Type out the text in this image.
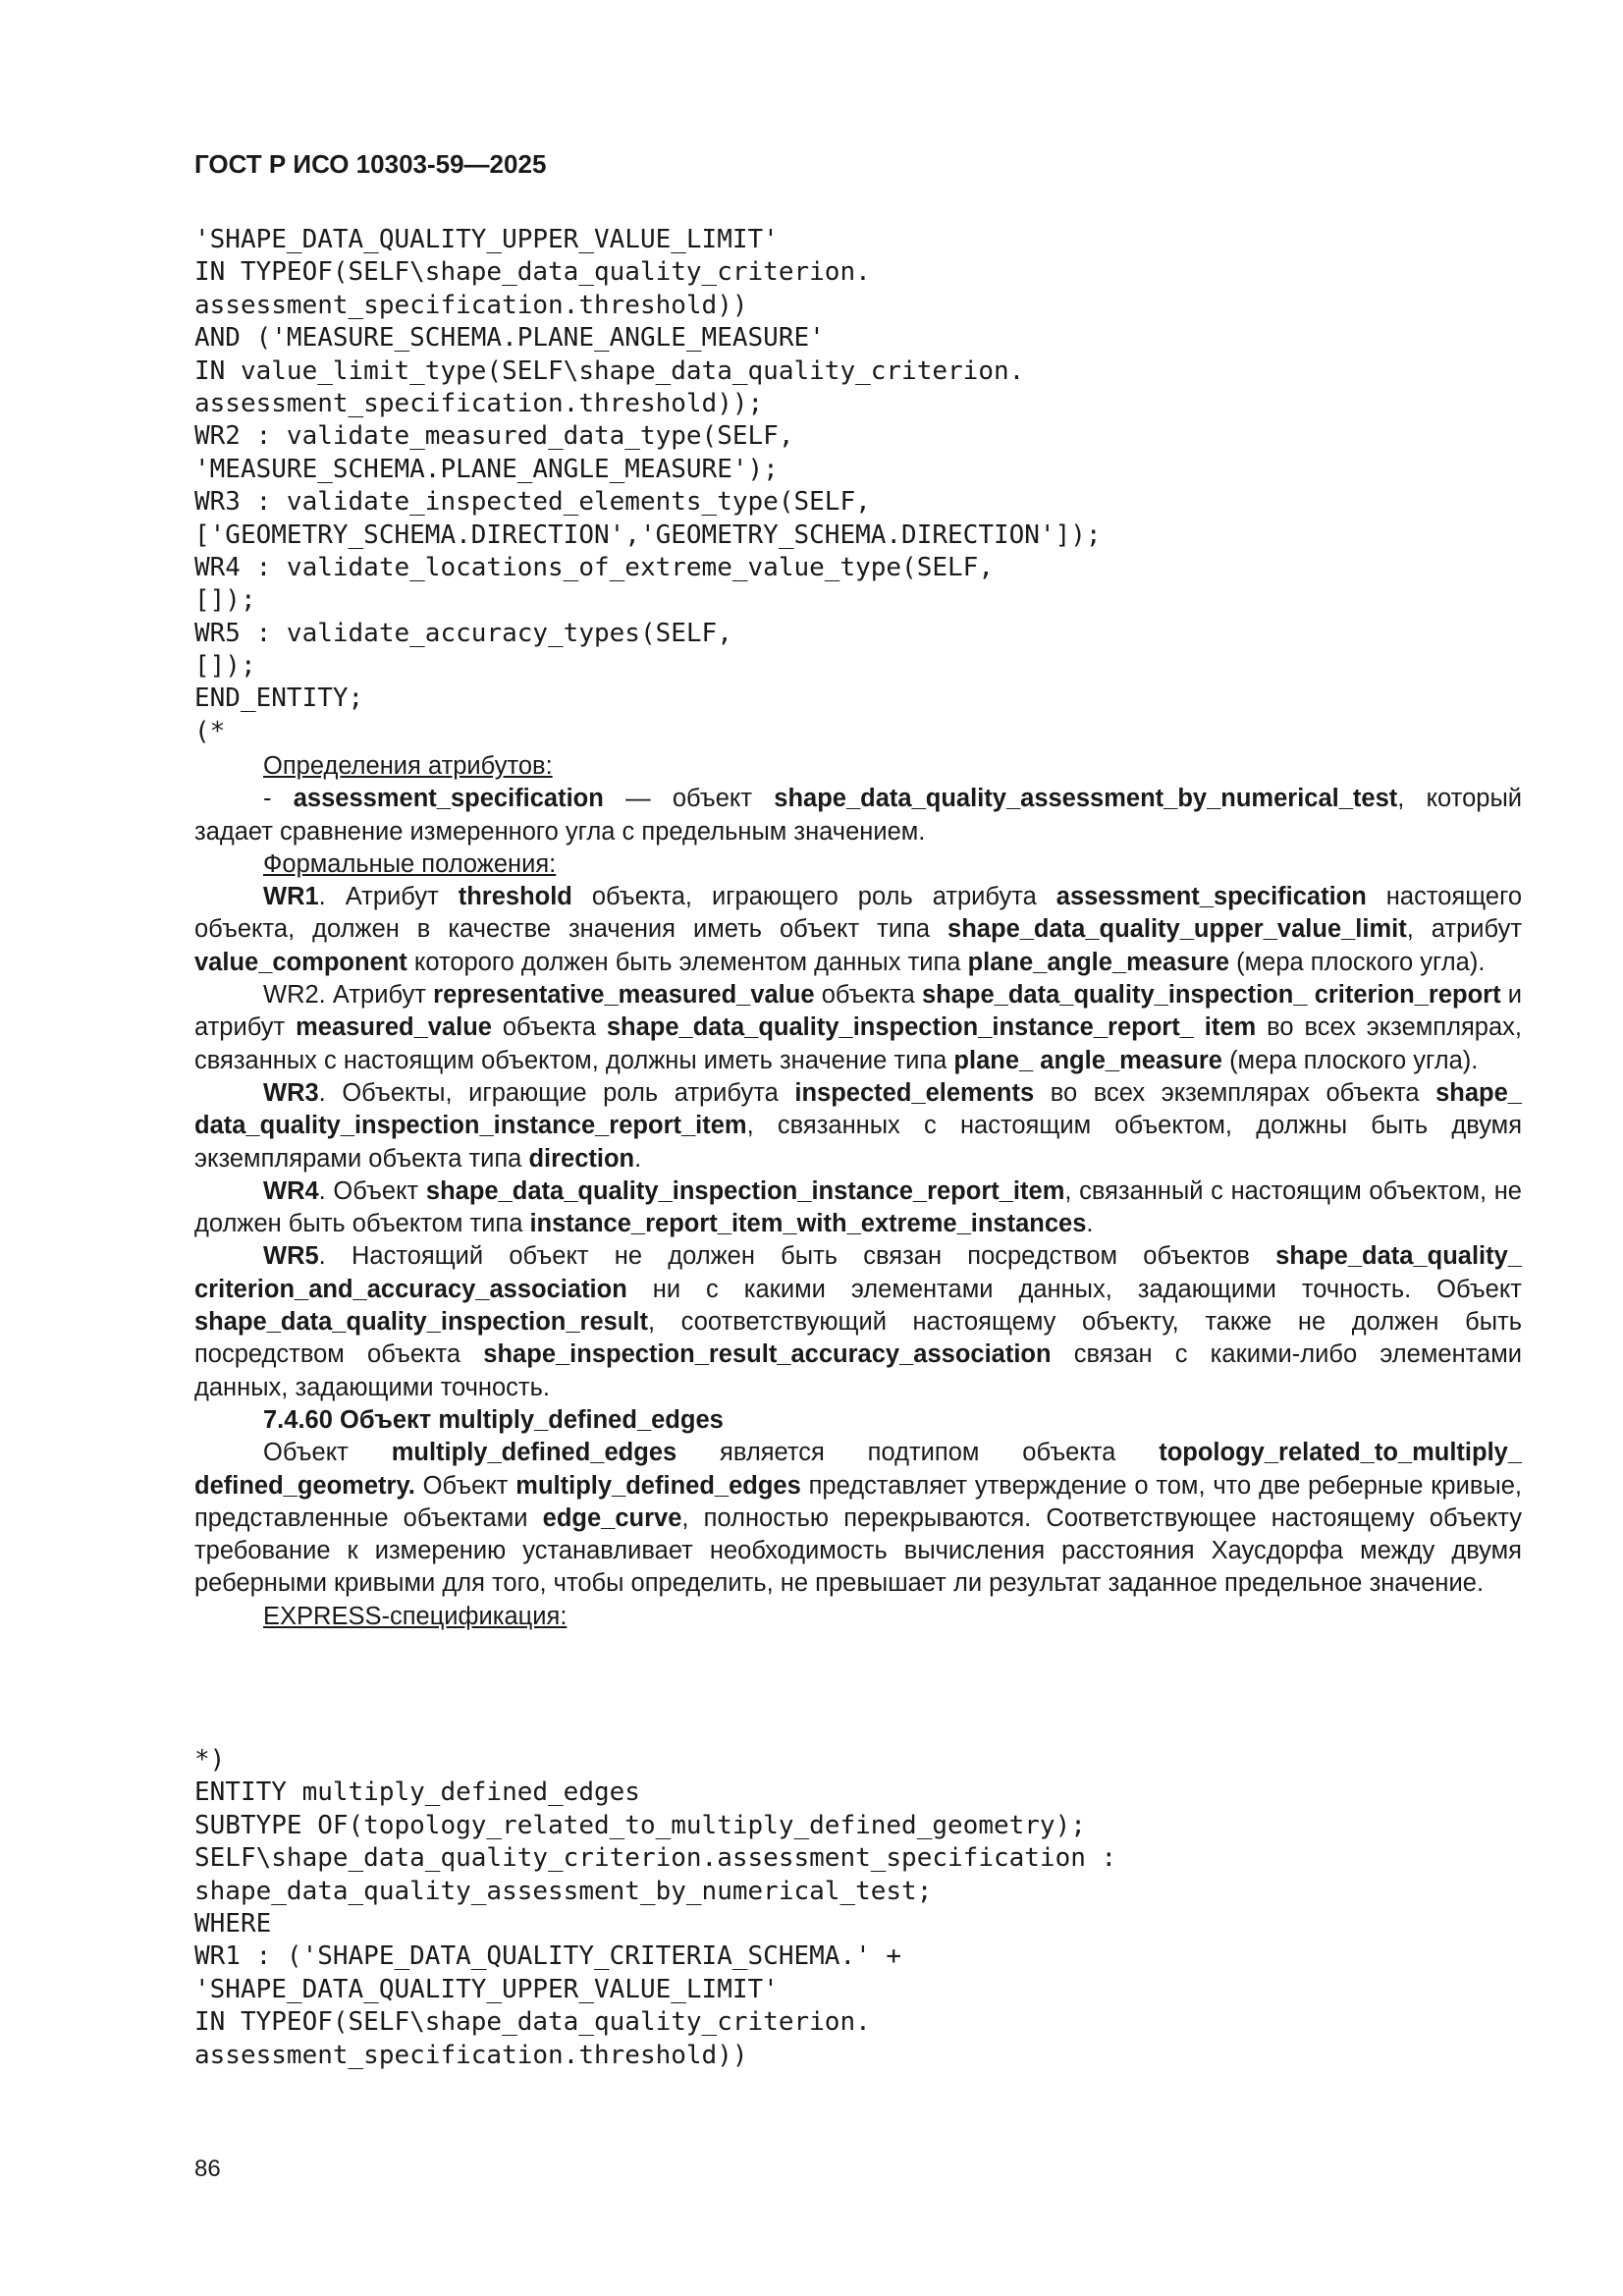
ГОСТ Р ИСО 10303-59—2025
'SHAPE_DATA_QUALITY_UPPER_VALUE_LIMIT'
IN TYPEOF(SELF\shape_data_quality_criterion.
assessment_specification.threshold))
AND ('MEASURE_SCHEMA.PLANE_ANGLE_MEASURE'
IN value_limit_type(SELF\shape_data_quality_criterion.
assessment_specification.threshold));
WR2 : validate_measured_data_type(SELF,
'MEASURE_SCHEMA.PLANE_ANGLE_MEASURE');
WR3 : validate_inspected_elements_type(SELF,
['GEOMETRY_SCHEMA.DIRECTION','GEOMETRY_SCHEMA.DIRECTION']);
WR4 : validate_locations_of_extreme_value_type(SELF,
[]);
WR5 : validate_accuracy_types(SELF,
[]);
END_ENTITY;
(*

Определения атрибутов:

- assessment_specification — объект shape_data_quality_assessment_by_numerical_test, который задает сравнение измеренного угла с предельным значением.

Формальные положения:

WR1. Атрибут threshold объекта, играющего роль атрибута assessment_specification настоящего объекта, должен в качестве значения иметь объект типа shape_data_quality_upper_value_limit, атрибут value_component которого должен быть элементом данных типа plane_angle_measure (мера плоского угла).

WR2. Атрибут representative_measured_value объекта shape_data_quality_inspection_ criterion_report и атрибут measured_value объекта shape_data_quality_inspection_instance_report_ item во всех экземплярах, связанных с настоящим объектом, должны иметь значение типа plane_ angle_measure (мера плоского угла).

WR3. Объекты, играющие роль атрибута inspected_elements во всех экземплярах объекта shape_ data_quality_inspection_instance_report_item, связанных с настоящим объектом, должны быть двумя экземплярами объекта типа direction.

WR4. Объект shape_data_quality_inspection_instance_report_item, связанный с настоящим объектом, не должен быть объектом типа instance_report_item_with_extreme_instances.

WR5. Настоящий объект не должен быть связан посредством объектов shape_data_quality_ criterion_and_accuracy_association ни с какими элементами данных, задающими точность. Объект shape_data_quality_inspection_result, соответствующий настоящему объекту, также не должен быть посредством объекта shape_inspection_result_accuracy_association связан с какими-либо элементами данных, задающими точность.

7.4.60 Объект multiply_defined_edges

Объект multiply_defined_edges является подтипом объекта topology_related_to_multiply_ defined_geometry. Объект multiply_defined_edges представляет утверждение о том, что две реберные кривые, представленные объектами edge_curve, полностью перекрываются. Соответствующее настоящему объекту требование к измерению устанавливает необходимость вычисления расстояния Хаусдорфа между двумя реберными кривыми для того, чтобы определить, не превышает ли результат заданное предельное значение.

EXPRESS-спецификация:

*)
ENTITY multiply_defined_edges
SUBTYPE OF(topology_related_to_multiply_defined_geometry);
SELF\shape_data_quality_criterion.assessment_specification :
shape_data_quality_assessment_by_numerical_test;
WHERE
WR1 : ('SHAPE_DATA_QUALITY_CRITERIA_SCHEMA.' +
'SHAPE_DATA_QUALITY_UPPER_VALUE_LIMIT'
IN TYPEOF(SELF\shape_data_quality_criterion.
assessment_specification.threshold))
86
